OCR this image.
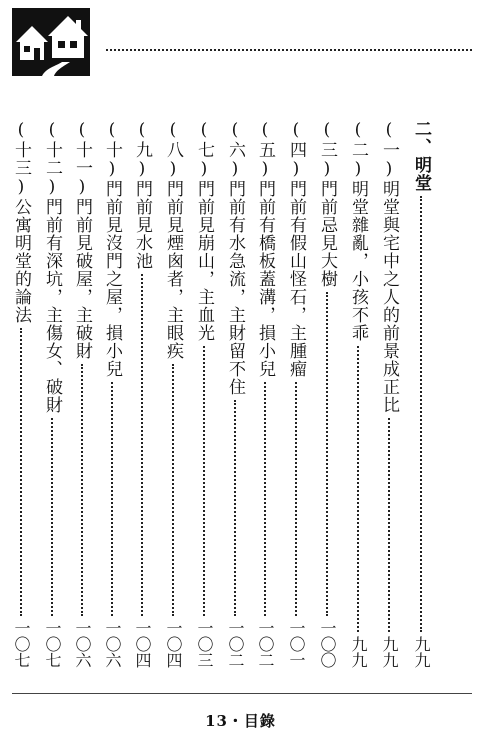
二、明堂
九九
(一)明堂與宅中之人的前景成正比
九九
(二)明堂雜亂，小孩不乖
九九
(三)門前忌見大樹
一〇〇
(四)門前有假山怪石，主腫瘤
一〇一
(五)門前有橋板蓋溝，損小兒
一〇二
(六)門前有水急流，主財留不住
一〇二
(七)門前見崩山，主血光
一〇三
(八)門前見煙囪者，主眼疾
一〇四
(九)門前見水池
一〇四
(十)門前見沒門之屋，損小兒
一〇六
(十一)門前見破屋，主破財
一〇六
(十二)門前有深坑，主傷女、破財
一〇七
(十三)公寓明堂的論法
一〇七
13・目錄
